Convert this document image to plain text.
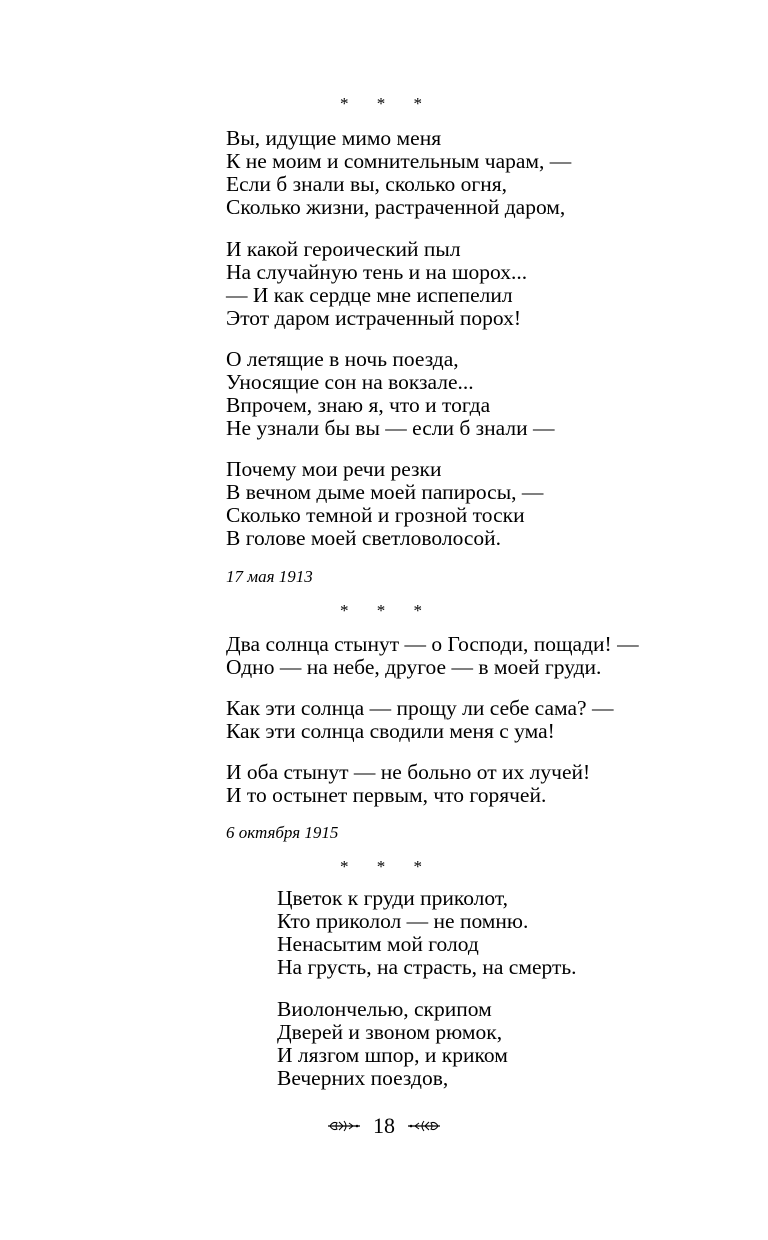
* * *
Вы, идущие мимо меня
К не моим и сомнительным чарам, —
Если б знали вы, сколько огня,
Сколько жизни, растраченной даром,
И какой героический пыл
На случайную тень и на шорох...
— И как сердце мне испепелил
Этот даром истраченный порох!
О летящие в ночь поезда,
Уносящие сон на вокзале...
Впрочем, знаю я, что и тогда
Не узнали бы вы — если б знали —
Почему мои речи резки
В вечном дыме моей папиросы, —
Сколько темной и грозной тоски
В голове моей светловолосой.
17 мая 1913
* * *
Два солнца стынут — о Господи, пощади! —
Одно — на небе, другое — в моей груди.
Как эти солнца — прощу ли себе сама? —
Как эти солнца сводили меня с ума!
И оба стынут — не больно от их лучей!
И то остынет первым, что горячей.
6 октября 1915
* * *
Цветок к груди приколот,
Кто приколол — не помню.
Ненасытим мой голод
На грусть, на страсть, на смерть.
Виолончелью, скрипом
Дверей и звоном рюмок,
И лязгом шпор, и криком
Вечерних поездов,
18
